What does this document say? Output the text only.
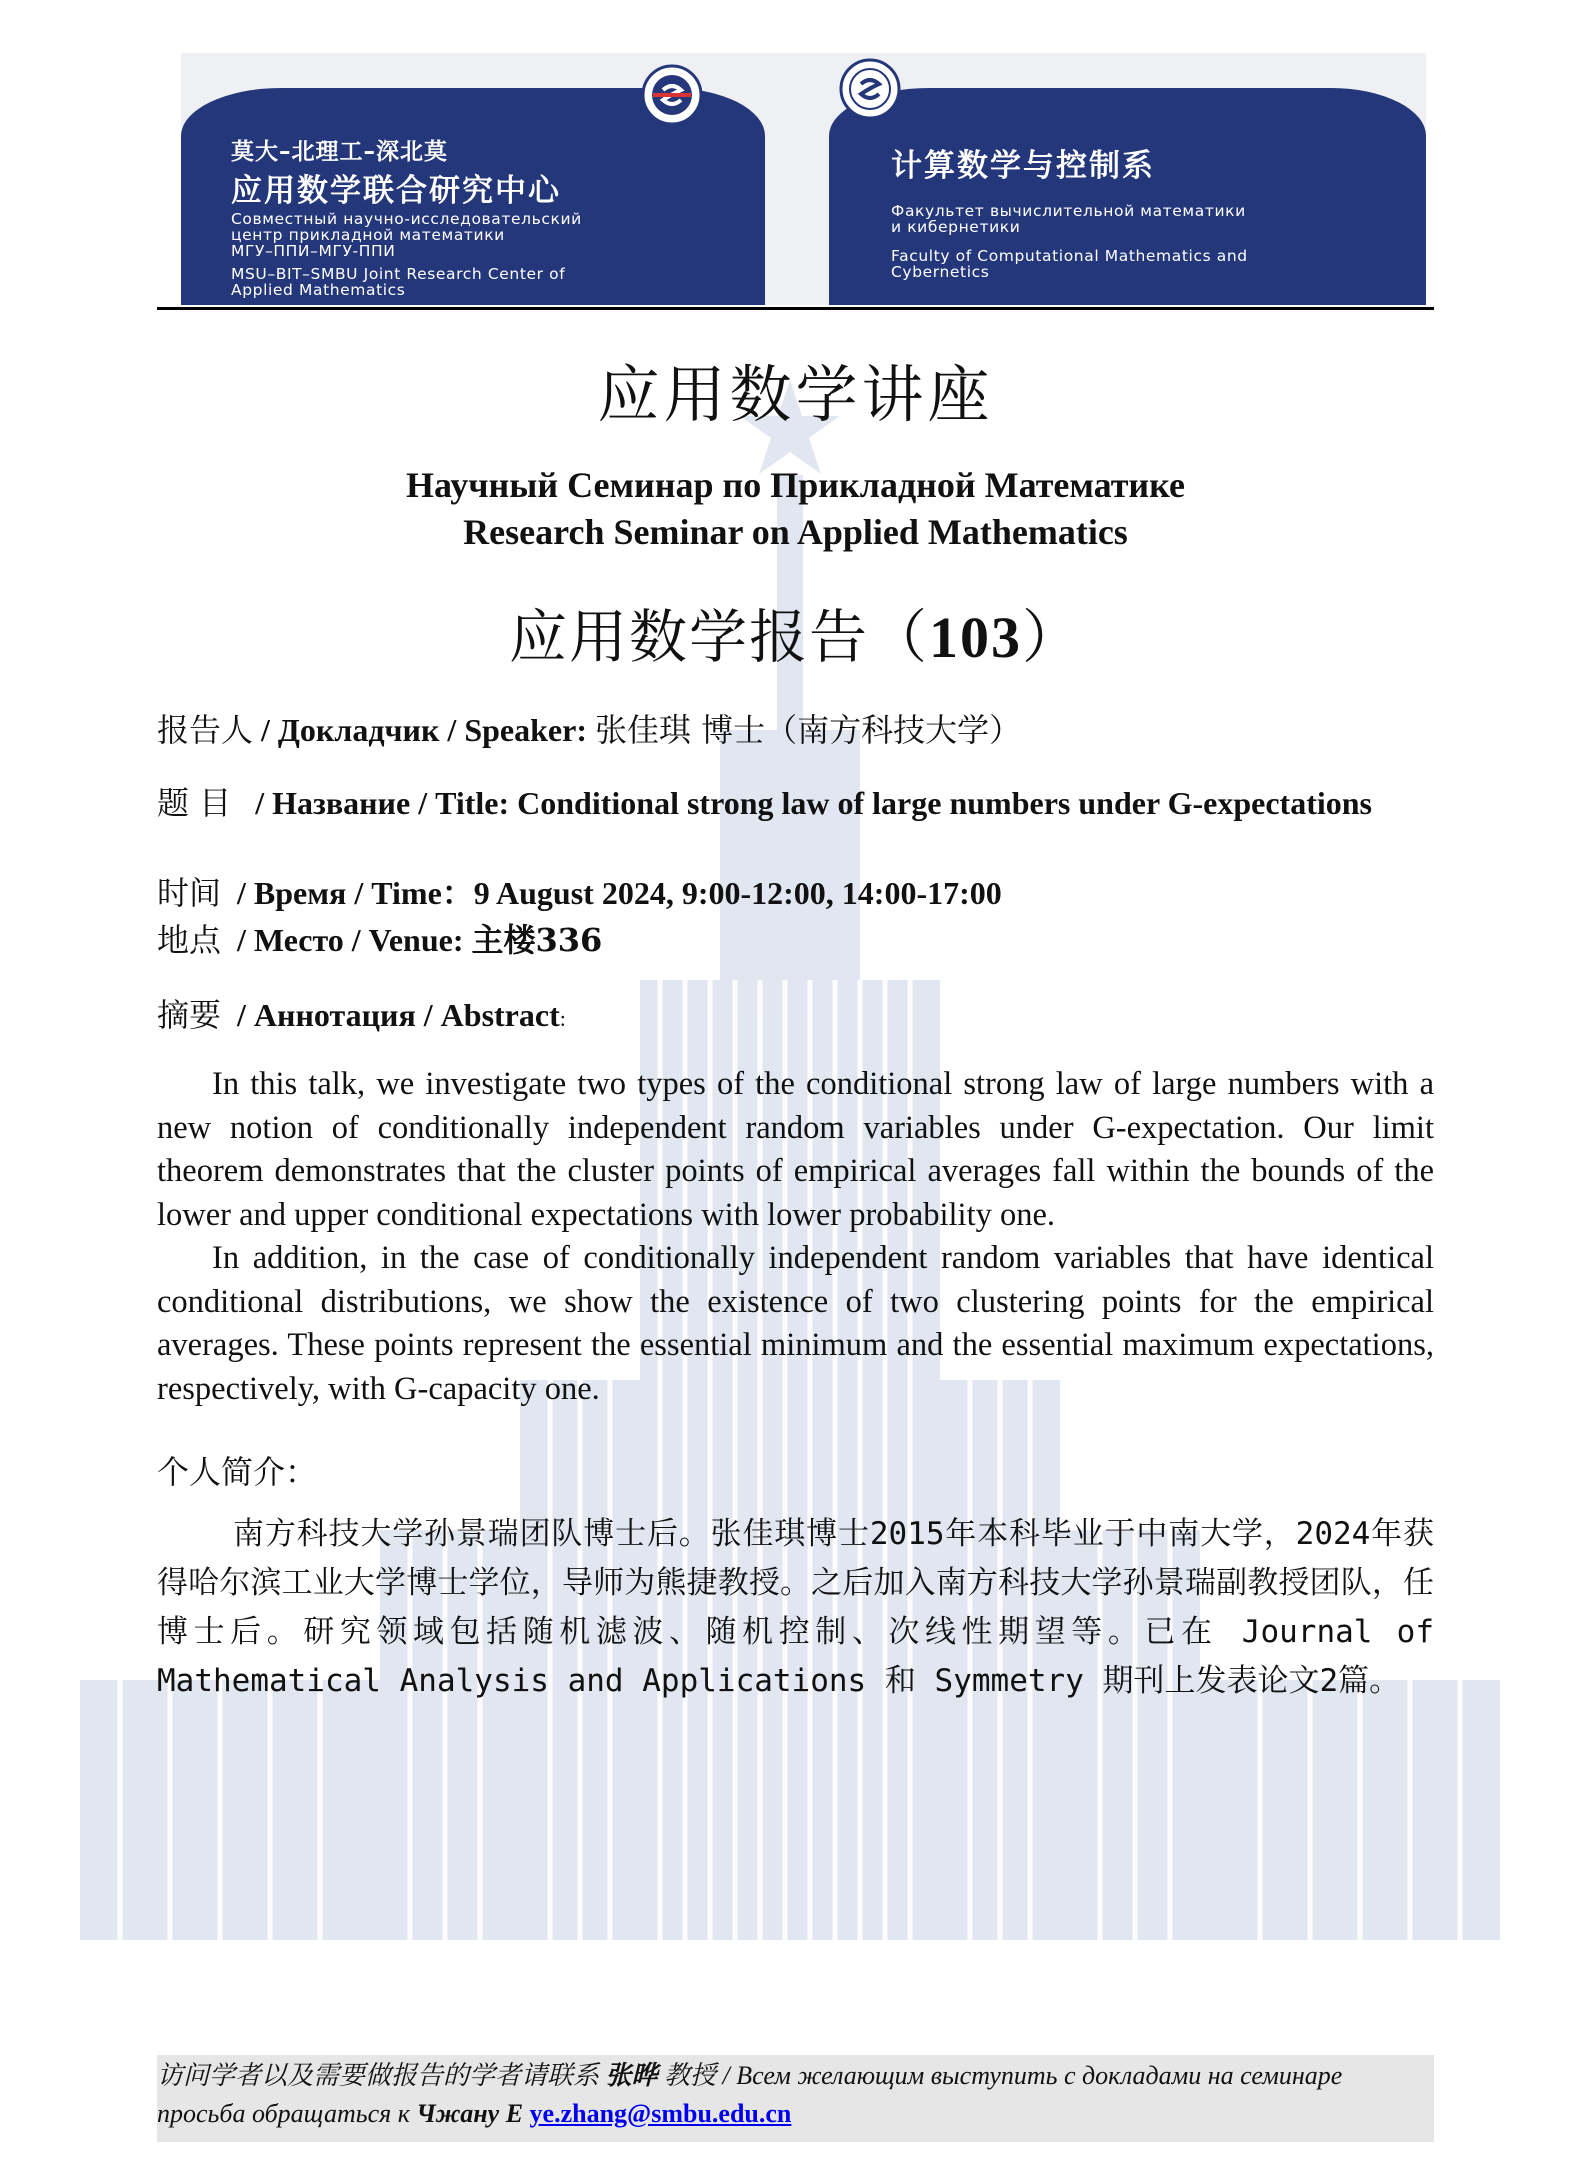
莫大–北理工–深北莫
应用数学联合研究中心
Совместный научно-исследовательский
центр прикладной математики
МГУ–ППИ–МГУ-ППИ
MSU–BIT–SMBU Joint Research Center of
Applied Mathematics
计算数学与控制系
Факультет вычислительной математики
и кибернетики
Faculty of Computational Mathematics and
Cybernetics
应用数学讲座
Научный Семинар по Прикладной Математике
Research Seminar on Applied Mathematics
应用数学报告（103）
报告人 / Докладчик / Speaker: 张佳琪 博士（南方科技大学）
题 目 / Название / Title: Conditional strong law of large numbers under G-expectations
时间 / Время / Time：9 August 2024, 9:00-12:00, 14:00-17:00
地点 / Место / Venue: 主楼336
摘要 / Аннотация / Abstract:

In this talk, we investigate two types of the conditional strong law of large numbers with a new notion of conditionally independent random variables under G-expectation. Our limit theorem demonstrates that the cluster points of empirical averages fall within the bounds of the lower and upper conditional expectations with lower probability one.

In addition, in the case of conditionally independent random variables that have identical conditional distributions, we show the existence of two clustering points for the empirical averages. These points represent the essential minimum and the essential maximum expectations, respectively, with G-capacity one.

个人简介：
南方科技大学孙景瑞团队博士后。张佳琪博士2015年本科毕业于中南大学，2024年获得哈尔滨工业大学博士学位，导师为熊捷教授。之后加入南方科技大学孙景瑞副教授团队，任博士后。研究领域包括随机滤波、随机控制、次线性期望等。已在 Journal of Mathematical Analysis and Applications 和 Symmetry 期刊上发表论文2篇。
访问学者以及需要做报告的学者请联系 张晔 教授 / Всем желающим выступить с докладами на семинаре просьба обращаться к Чжану Е ye.zhang@smbu.edu.cn
